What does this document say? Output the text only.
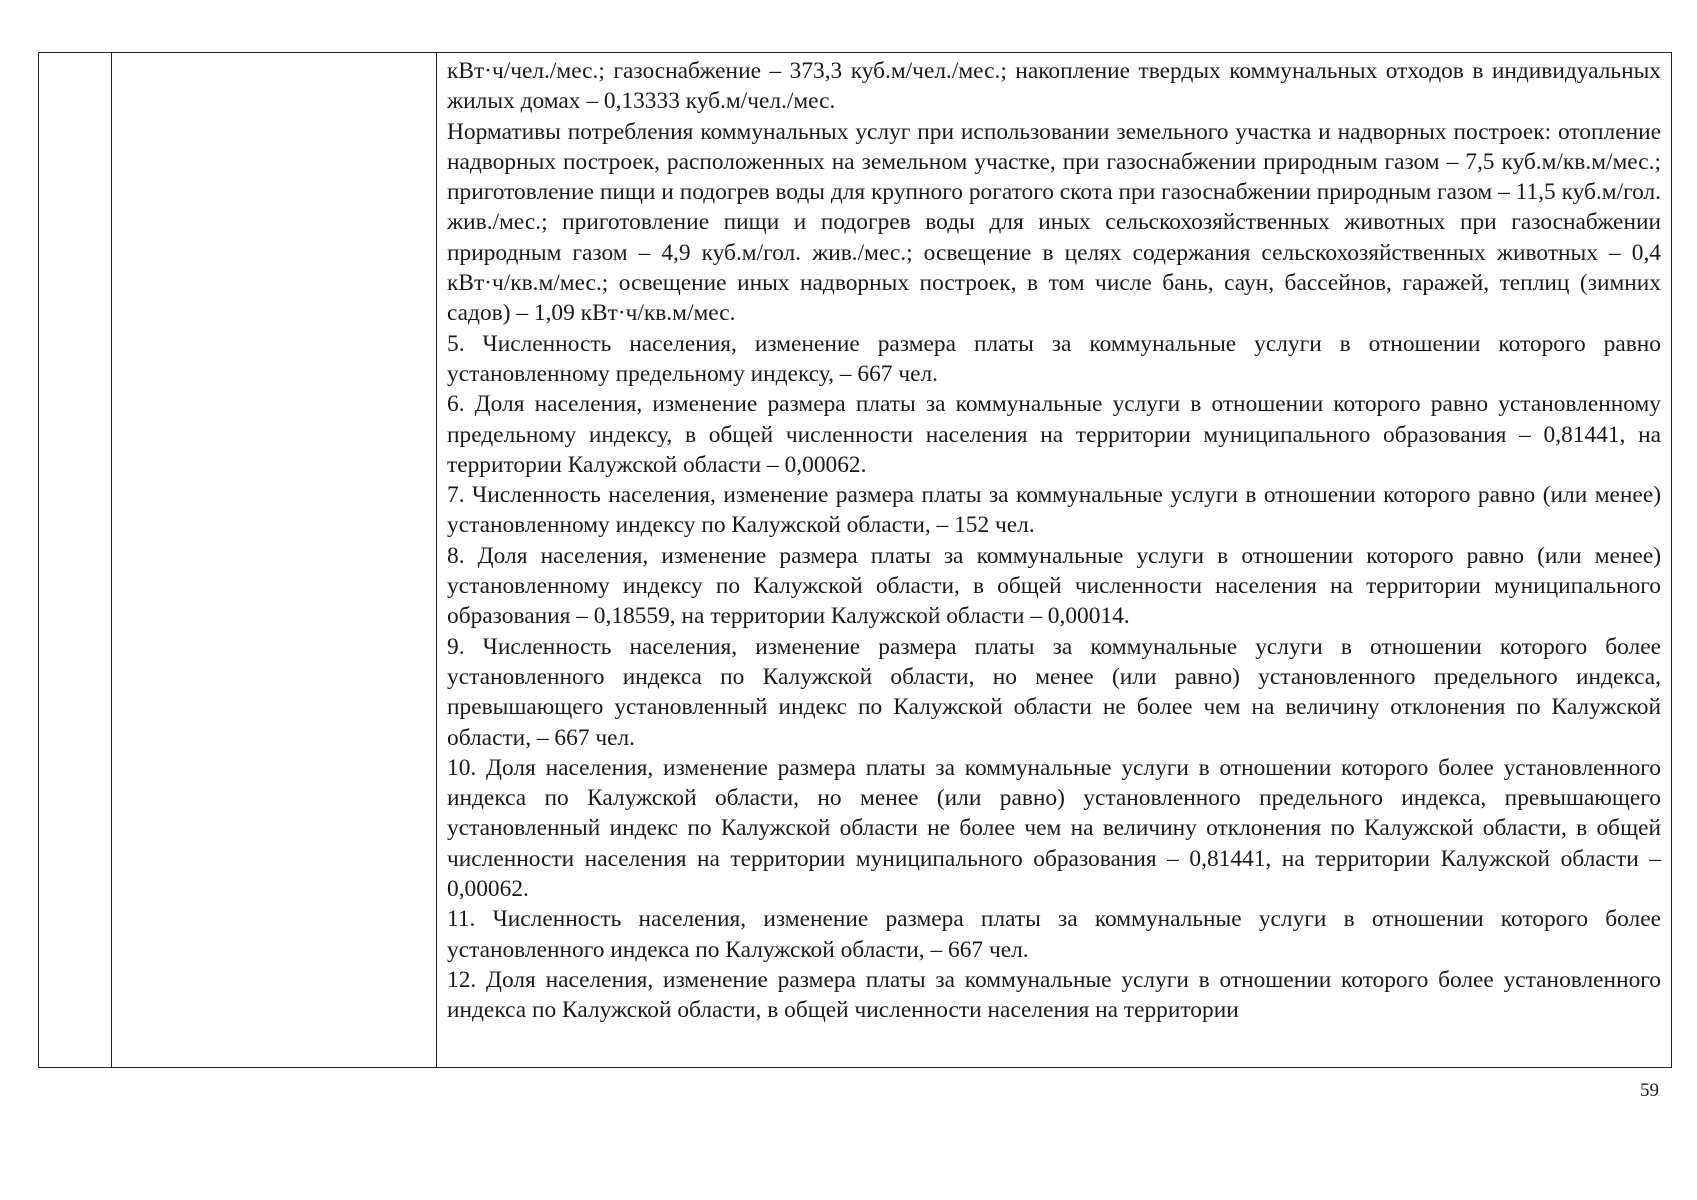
кВт·ч/чел./мес.; газоснабжение – 373,3 куб.м/чел./мес.; накопление твердых коммунальных отходов в индивидуальных жилых домах – 0,13333 куб.м/чел./мес.

Нормативы потребления коммунальных услуг при использовании земельного участка и надворных построек: отопление надворных построек, расположенных на земельном участке, при газоснабжении природным газом – 7,5 куб.м/кв.м/мес.; приготовление пищи и подогрев воды для крупного рогатого скота при газоснабжении природным газом – 11,5 куб.м/гол. жив./мес.; приготовление пищи и подогрев воды для иных сельскохозяйственных животных при газоснабжении природным газом – 4,9 куб.м/гол. жив./мес.; освещение в целях содержания сельскохозяйственных животных – 0,4 кВт·ч/кв.м/мес.; освещение иных надворных построек, в том числе бань, саун, бассейнов, гаражей, теплиц (зимних садов) – 1,09 кВт·ч/кв.м/мес.

5. Численность населения, изменение размера платы за коммунальные услуги в отношении которого равно установленному предельному индексу, – 667 чел.

6. Доля населения, изменение размера платы за коммунальные услуги в отношении которого равно установленному предельному индексу, в общей численности населения на территории муниципального образования – 0,81441, на территории Калужской области – 0,00062.

7. Численность населения, изменение размера платы за коммунальные услуги в отношении которого равно (или менее) установленному индексу по Калужской области, – 152 чел.

8. Доля населения, изменение размера платы за коммунальные услуги в отношении которого равно (или менее) установленному индексу по Калужской области, в общей численности населения на территории муниципального образования – 0,18559, на территории Калужской области – 0,00014.

9. Численность населения, изменение размера платы за коммунальные услуги в отношении которого более установленного индекса по Калужской области, но менее (или равно) установленного предельного индекса, превышающего установленный индекс по Калужской области не более чем на величину отклонения по Калужской области, – 667 чел.

10. Доля населения, изменение размера платы за коммунальные услуги в отношении которого более установленного индекса по Калужской области, но менее (или равно) установленного предельного индекса, превышающего установленный индекс по Калужской области не более чем на величину отклонения по Калужской области, в общей численности населения на территории муниципального образования – 0,81441, на территории Калужской области – 0,00062.

11. Численность населения, изменение размера платы за коммунальные услуги в отношении которого более установленного индекса по Калужской области, – 667 чел.

12. Доля населения, изменение размера платы за коммунальные услуги в отношении которого более установленного индекса по Калужской области, в общей численности населения на территории

59
